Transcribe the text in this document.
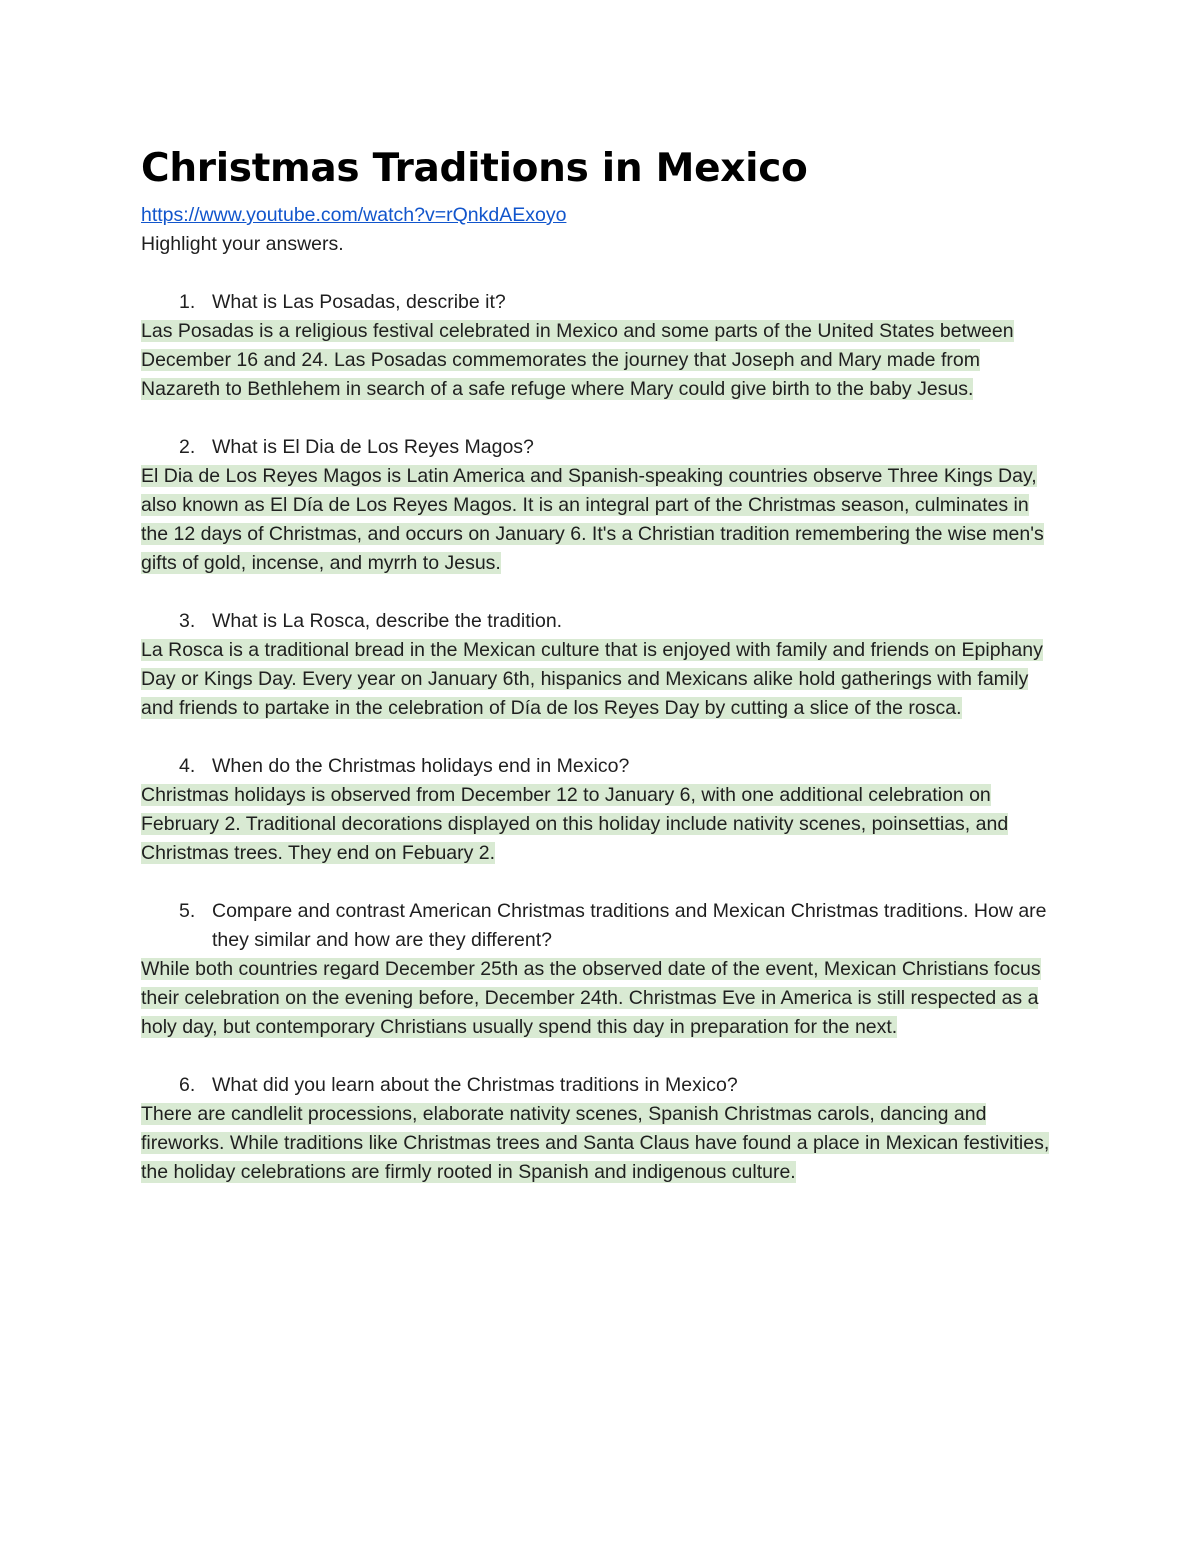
Christmas Traditions in Mexico
https://www.youtube.com/watch?v=rQnkdAExoyo

Highlight your answers.

1. What is Las Posadas, describe it?

Las Posadas is a religious festival celebrated in Mexico and some parts of the United States between December 16 and 24. Las Posadas commemorates the journey that Joseph and Mary made from Nazareth to Bethlehem in search of a safe refuge where Mary could give birth to the baby Jesus.

2. What is El Dia de Los Reyes Magos?

El Dia de Los Reyes Magos is Latin America and Spanish-speaking countries observe Three Kings Day, also known as El Día de Los Reyes Magos. It is an integral part of the Christmas season, culminates in the 12 days of Christmas, and occurs on January 6. It's a Christian tradition remembering the wise men's gifts of gold, incense, and myrrh to Jesus.

3. What is La Rosca, describe the tradition.

La Rosca is a traditional bread in the Mexican culture that is enjoyed with family and friends on Epiphany Day or Kings Day. Every year on January 6th, hispanics and Mexicans alike hold gatherings with family and friends to partake in the celebration of Día de los Reyes Day by cutting a slice of the rosca.

4. When do the Christmas holidays end in Mexico?

Christmas holidays is observed from December 12 to January 6, with one additional celebration on February 2. Traditional decorations displayed on this holiday include nativity scenes, poinsettias, and Christmas trees. They end on Febuary 2.

5. Compare and contrast American Christmas traditions and Mexican Christmas traditions. How are they similar and how are they different?

While both countries regard December 25th as the observed date of the event, Mexican Christians focus their celebration on the evening before, December 24th. Christmas Eve in America is still respected as a holy day, but contemporary Christians usually spend this day in preparation for the next.

6. What did you learn about the Christmas traditions in Mexico?

There are candlelit processions, elaborate nativity scenes, Spanish Christmas carols, dancing and fireworks. While traditions like Christmas trees and Santa Claus have found a place in Mexican festivities, the holiday celebrations are firmly rooted in Spanish and indigenous culture.
